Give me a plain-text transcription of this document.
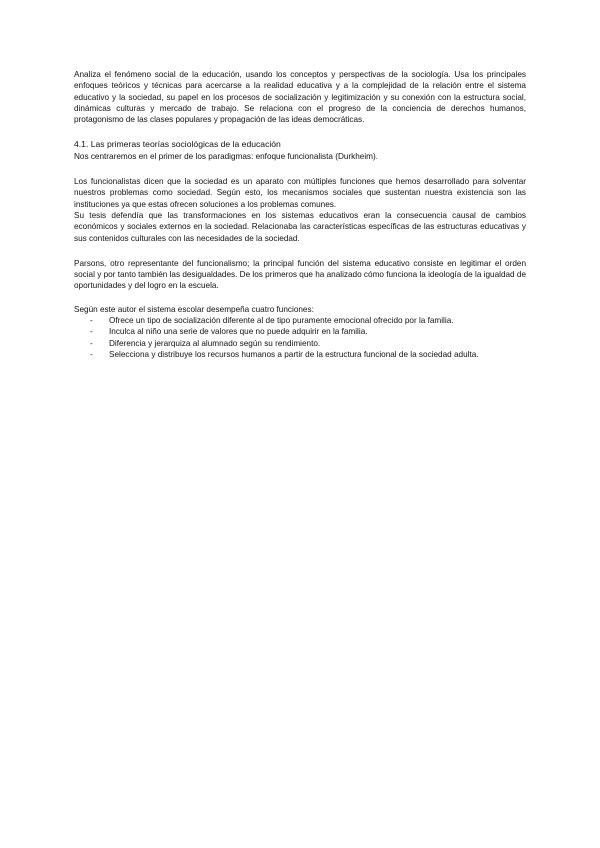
Analiza el fenómeno social de la educación, usando los conceptos y perspectivas de la sociología. Usa los principales enfoques teóricos y técnicas para acercarse a la realidad educativa y a la complejidad de la relación entre el sistema educativo y la sociedad, su papel en los procesos de socialización y legitimización y su conexión con la estructura social, dinámicas culturas y mercado de trabajo. Se relaciona con el progreso de la conciencia de derechos humanos, protagonismo de las clases populares y propagación de las ideas democráticas.

4.1. Las primeras teorías sociológicas de la educación

Nos centraremos en el primer de los paradigmas: enfoque funcionalista (Durkheim).

Los funcionalistas dicen que la sociedad es un aparato con múltiples funciones que hemos desarrollado para solventar nuestros problemas como sociedad. Según esto, los mecanismos sociales que sustentan nuestra existencia son las instituciones ya que estas ofrecen soluciones a los problemas comunes.

Su tesis defendía que las transformaciones en los sistemas educativos eran la consecuencia causal de cambios económicos y sociales externos en la sociedad. Relacionaba las características específicas de las estructuras educativas y sus contenidos culturales con las necesidades de la sociedad.

Parsons, otro representante del funcionalismo; la principal función del sistema educativo consiste en legitimar el orden social y por tanto también las desigualdades. De los primeros que ha analizado cómo funciona la ideología de la igualdad de oportunidades y del logro en la escuela.

Según este autor el sistema escolar desempeña cuatro funciones:

- Ofrece un tipo de socialización diferente al de tipo puramente emocional ofrecido por la familia.
- Inculca al niño una serie de valores que no puede adquirir en la familia.
- Diferencia y jerarquiza al alumnado según su rendimiento.
- Selecciona y distribuye los recursos humanos a partir de la estructura funcional de la sociedad adulta.
